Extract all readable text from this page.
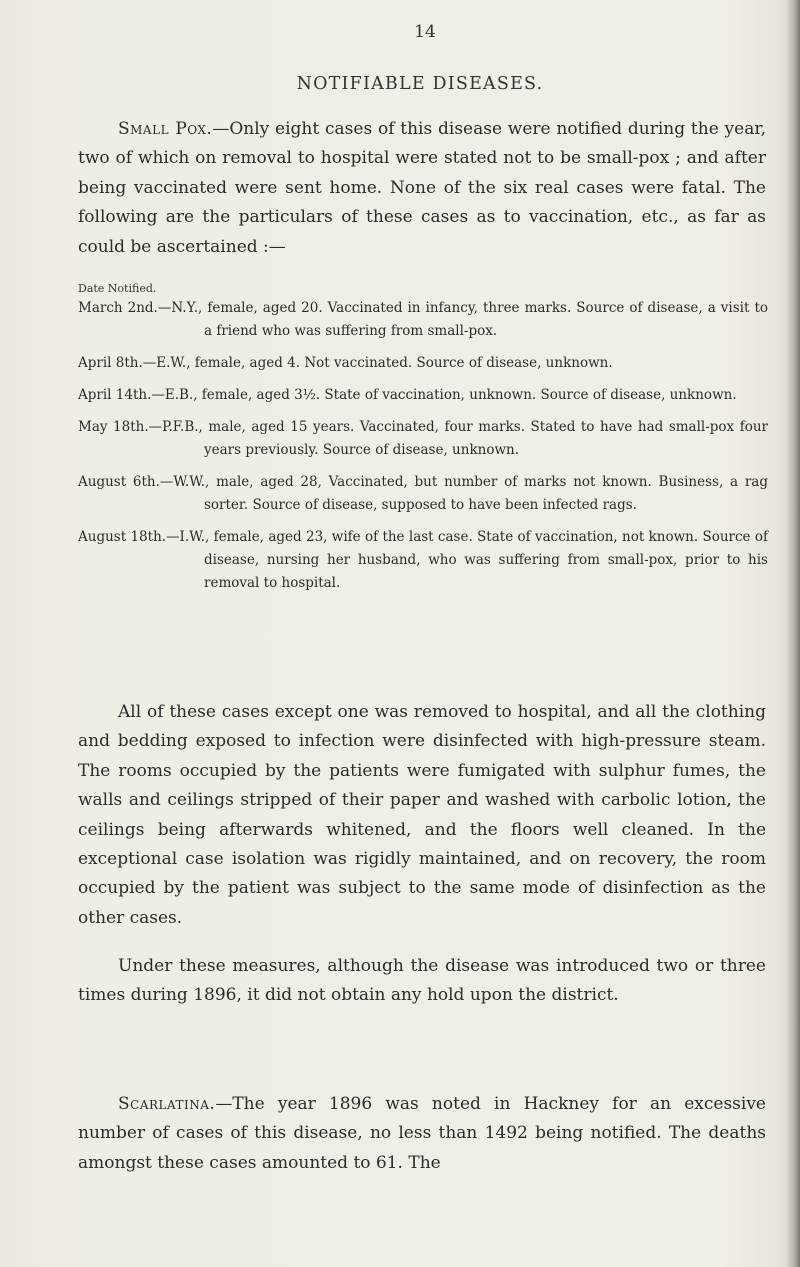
14
NOTIFIABLE DISEASES.

Small Pox.—Only eight cases of this disease were notified during the year, two of which on removal to hospital were stated not to be small-pox ; and after being vaccinated were sent home. None of the six real cases were fatal. The following are the particulars of these cases as to vaccination, etc., as far as could be ascertained :—

Date Notified.

March 2nd.—N.Y., female, aged 20. Vaccinated in infancy, three marks. Source of disease, a visit to a friend who was suffering from small-pox.

April 8th.—E.W., female, aged 4. Not vaccinated. Source of disease, unknown.

April 14th.—E.B., female, aged 3½. State of vaccination, unknown. Source of disease, unknown.

May 18th.—P.F.B., male, aged 15 years. Vaccinated, four marks. Stated to have had small-pox four years previously. Source of disease, unknown.

August 6th.—W.W., male, aged 28, Vaccinated, but number of marks not known. Business, a rag sorter. Source of disease, supposed to have been infected rags.

August 18th.—I.W., female, aged 23, wife of the last case. State of vaccination, not known. Source of disease, nursing her husband, who was suffering from small-pox, prior to his removal to hospital.

All of these cases except one was removed to hospital, and all the clothing and bedding exposed to infection were disinfected with high-pressure steam. The rooms occupied by the patients were fumigated with sulphur fumes, the walls and ceilings stripped of their paper and washed with carbolic lotion, the ceilings being afterwards whitened, and the floors well cleaned. In the exceptional case isolation was rigidly maintained, and on recovery, the room occupied by the patient was subject to the same mode of disinfection as the other cases.

Under these measures, although the disease was introduced two or three times during 1896, it did not obtain any hold upon the district.

Scarlatina.—The year 1896 was noted in Hackney for an excessive number of cases of this disease, no less than 1492 being notified. The deaths amongst these cases amounted to 61. The
